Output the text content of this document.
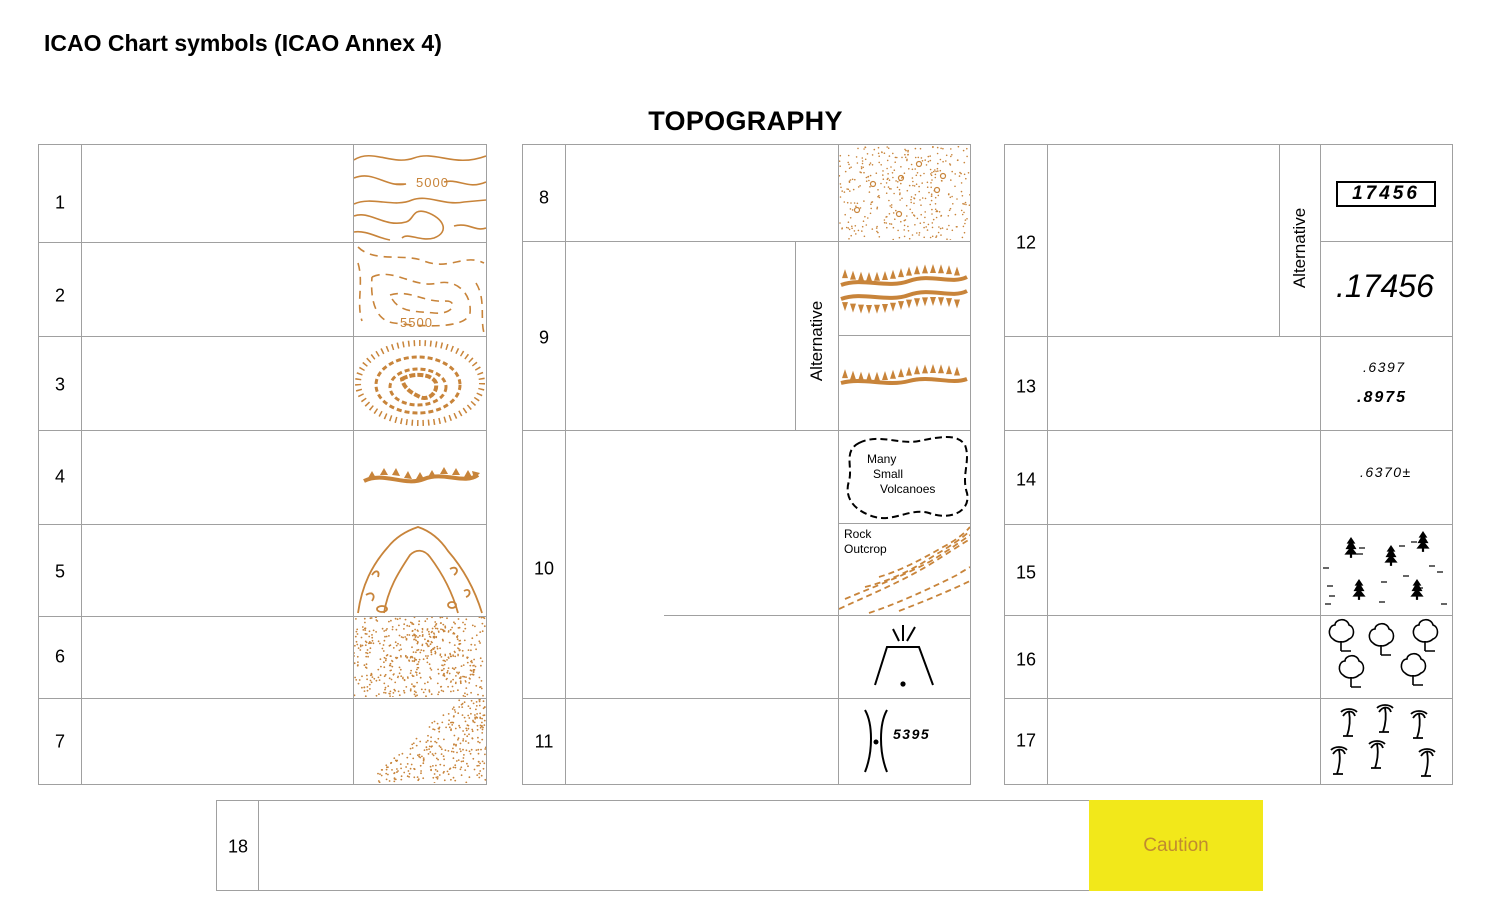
ICAO Chart symbols (ICAO Annex 4)
TOPOGRAPHY
1
2
3
4
5
6
7
5000
5500
8
9
10
11
Alternative
Many
Small
Volcanoes
Rock
Outcrop
5395
12
13
14
15
16
17
Alternative
17456
.17456
.6397
.8975
.6370±
18	Caution
